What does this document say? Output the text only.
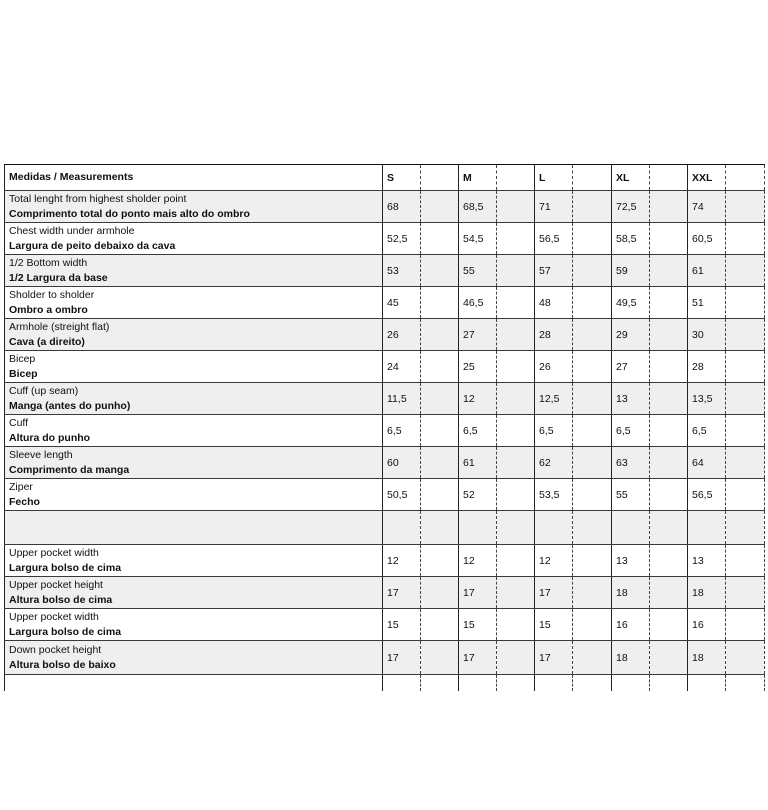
Medidas / Measurements	S		M		L		XL		XXL	

Total lenght from highest sholder point
Comprimento total do ponto mais alto do ombro	68		68,5		71		72,5		74	

Chest width under armhole
Largura de peito debaixo da cava	52,5		54,5		56,5		58,5		60,5	

1/2 Bottom width
1/2 Largura da base	53		55		57		59		61	

Sholder to sholder
Ombro a ombro	45		46,5		48		49,5		51	

Armhole (streight flat)
Cava (a direito)	26		27		28		29		30	

Bicep
Bicep	24		25		26		27		28	

Cuff (up seam)
Manga (antes do punho)	11,5		12		12,5		13		13,5	

Cuff
Altura do punho	6,5		6,5		6,5		6,5		6,5	

Sleeve length
Comprimento da manga	60		61		62		63		64	

Ziper
Fecho	50,5		52		53,5		55		56,5	

Upper pocket width
Largura bolso de cima	12		12		12		13		13	

Upper pocket height
Altura bolso de cima	17		17		17		18		18	

Upper pocket width
Largura bolso de cima	15		15		15		16		16	

Down pocket height
Altura bolso de baixo	17		17		17		18		18	
